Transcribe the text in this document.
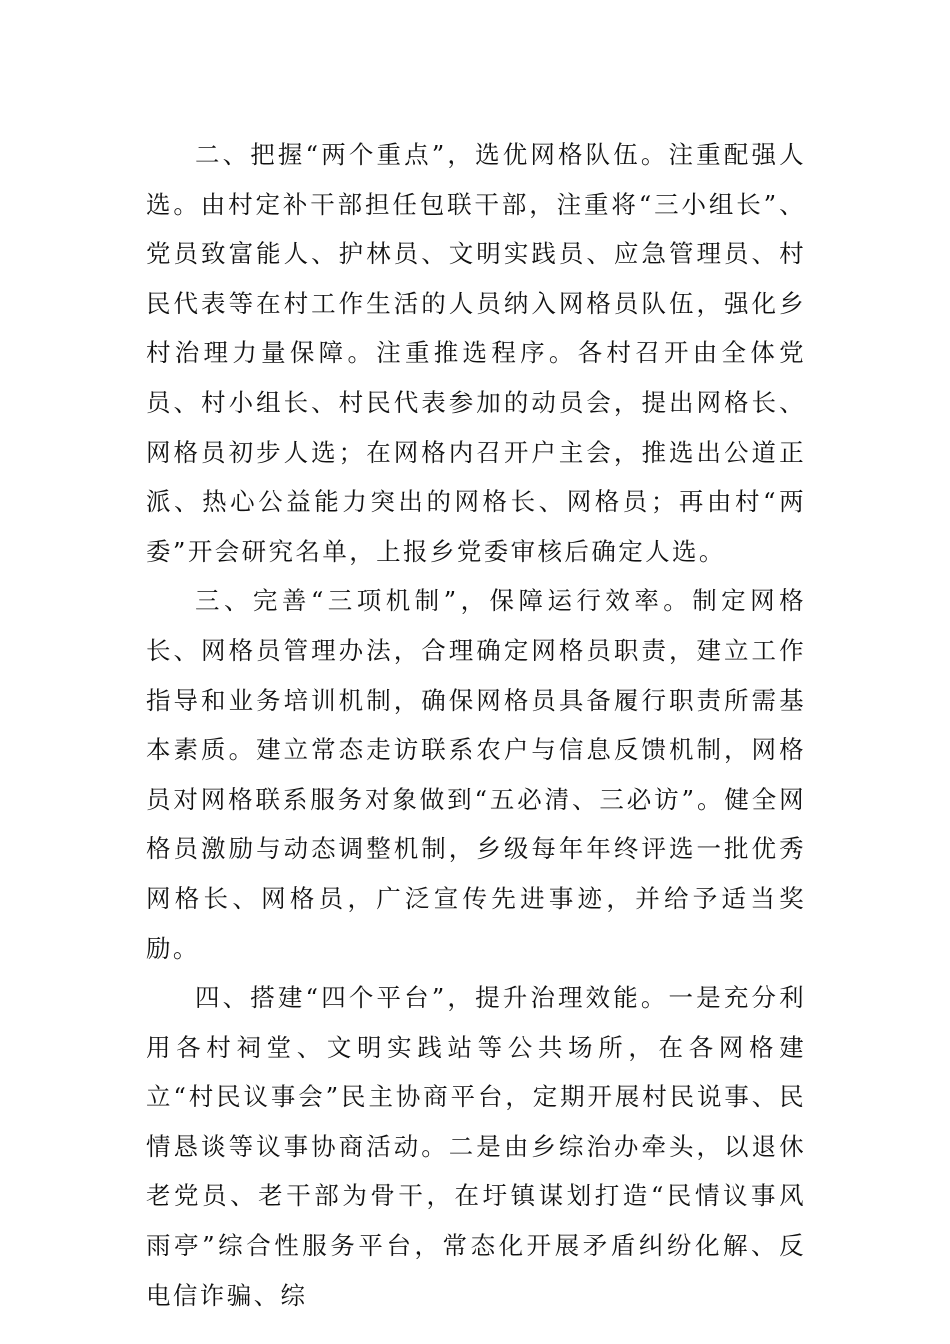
二、把握“两个重点”，选优网格队伍。注重配强人选。由村定补干部担任包联干部，注重将“三小组长”、党员致富能人、护林员、文明实践员、应急管理员、村民代表等在村工作生活的人员纳入网格员队伍，强化乡村治理力量保障。注重推选程序。各村召开由全体党员、村小组长、村民代表参加的动员会，提出网格长、网格员初步人选；在网格内召开户主会，推选出公道正派、热心公益能力突出的网格长、网格员；再由村“两委”开会研究名单，上报乡党委审核后确定人选。

三、完善“三项机制”，保障运行效率。制定网格长、网格员管理办法，合理确定网格员职责，建立工作指导和业务培训机制，确保网格员具备履行职责所需基本素质。建立常态走访联系农户与信息反馈机制，网格员对网格联系服务对象做到“五必清、三必访”。健全网格员激励与动态调整机制，乡级每年年终评选一批优秀网格长、网格员，广泛宣传先进事迹，并给予适当奖励。

四、搭建“四个平台”，提升治理效能。一是充分利用各村祠堂、文明实践站等公共场所，在各网格建立“村民议事会”民主协商平台，定期开展村民说事、民情恳谈等议事协商活动。二是由乡综治办牵头，以退休老党员、老干部为骨干，在圩镇谋划打造“民情议事风雨亭”综合性服务平台，常态化开展矛盾纠纷化解、反电信诈骗、综
